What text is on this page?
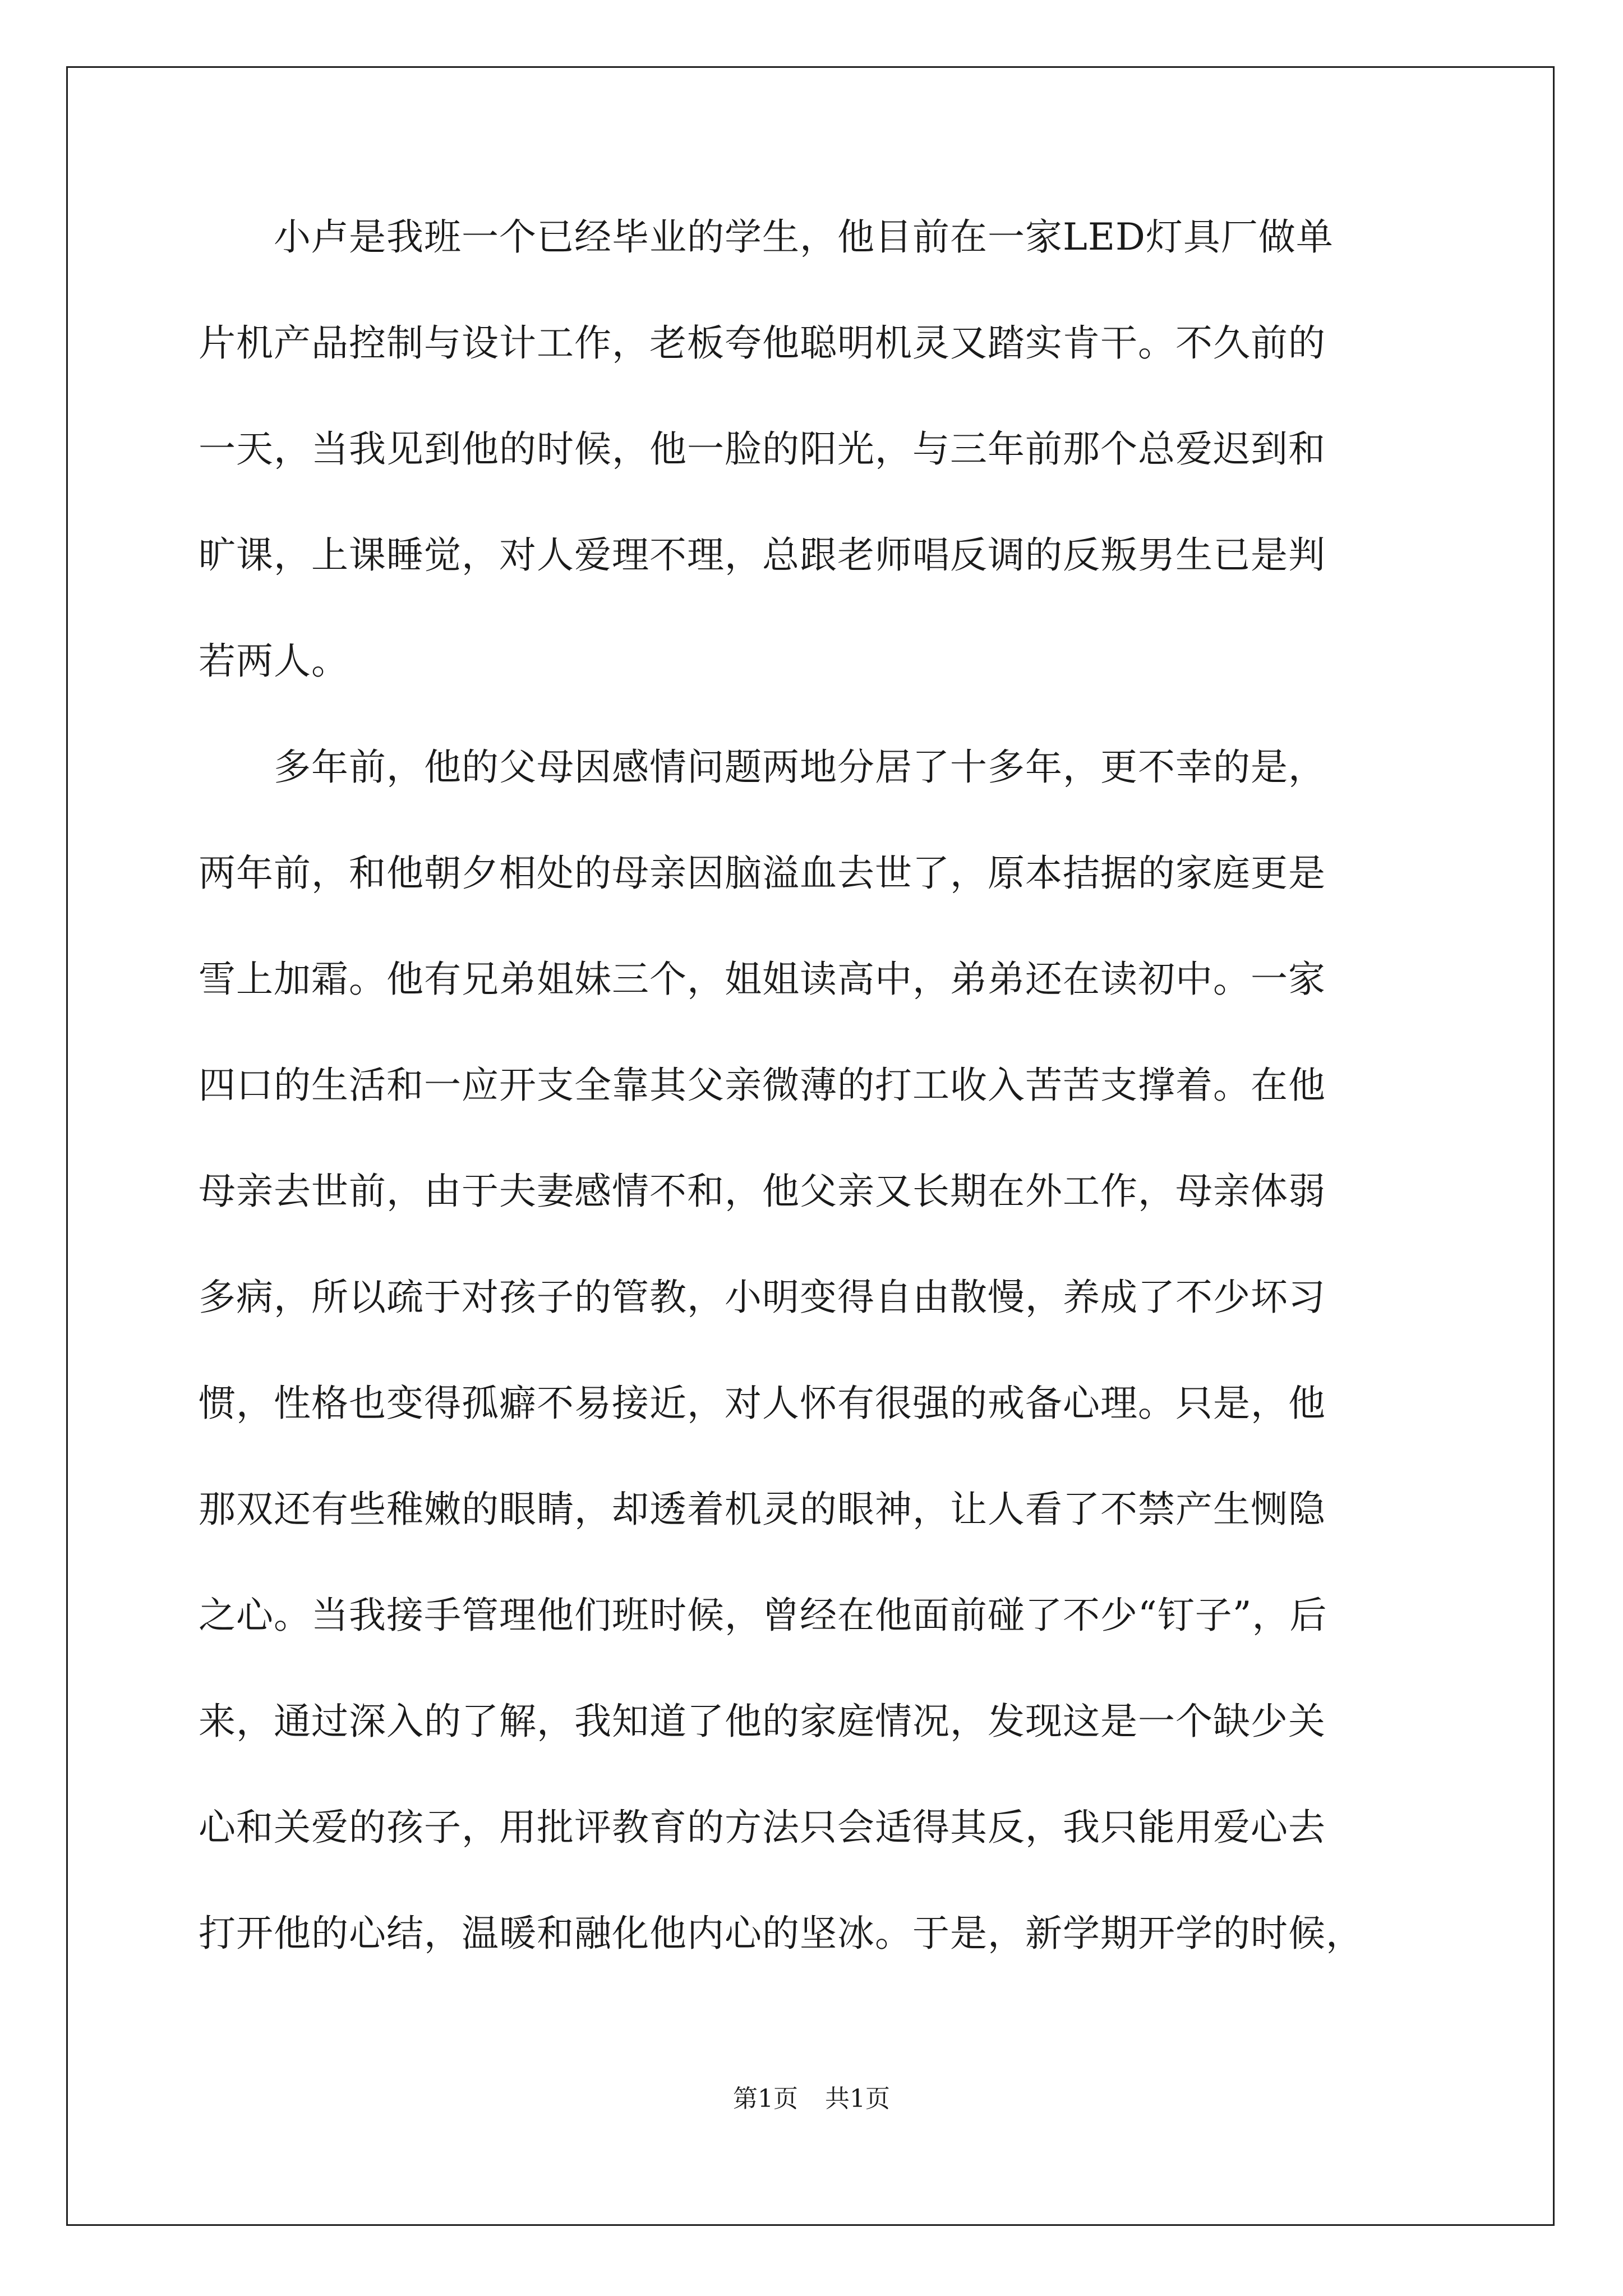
　　小卢是我班一个已经毕业的学生，他目前在一家LED灯具厂做单
片机产品控制与设计工作，老板夸他聪明机灵又踏实肯干。不久前的
一天，当我见到他的时候，他一脸的阳光，与三年前那个总爱迟到和
旷课，上课睡觉，对人爱理不理，总跟老师唱反调的反叛男生已是判
若两人。
　　多年前，他的父母因感情问题两地分居了十多年，更不幸的是，
两年前，和他朝夕相处的母亲因脑溢血去世了，原本拮据的家庭更是
雪上加霜。他有兄弟姐妹三个，姐姐读高中，弟弟还在读初中。一家
四口的生活和一应开支全靠其父亲微薄的打工收入苦苦支撑着。在他
母亲去世前，由于夫妻感情不和，他父亲又长期在外工作，母亲体弱
多病，所以疏于对孩子的管教，小明变得自由散慢，养成了不少坏习
惯，性格也变得孤癖不易接近，对人怀有很强的戒备心理。只是，他
那双还有些稚嫩的眼睛，却透着机灵的眼神，让人看了不禁产生恻隐
之心。当我接手管理他们班时候，曾经在他面前碰了不少“钉子”，后
来，通过深入的了解，我知道了他的家庭情况，发现这是一个缺少关
心和关爱的孩子，用批评教育的方法只会适得其反，我只能用爱心去
打开他的心结，温暖和融化他内心的坚冰。于是，新学期开学的时候，
第1页 共1页
